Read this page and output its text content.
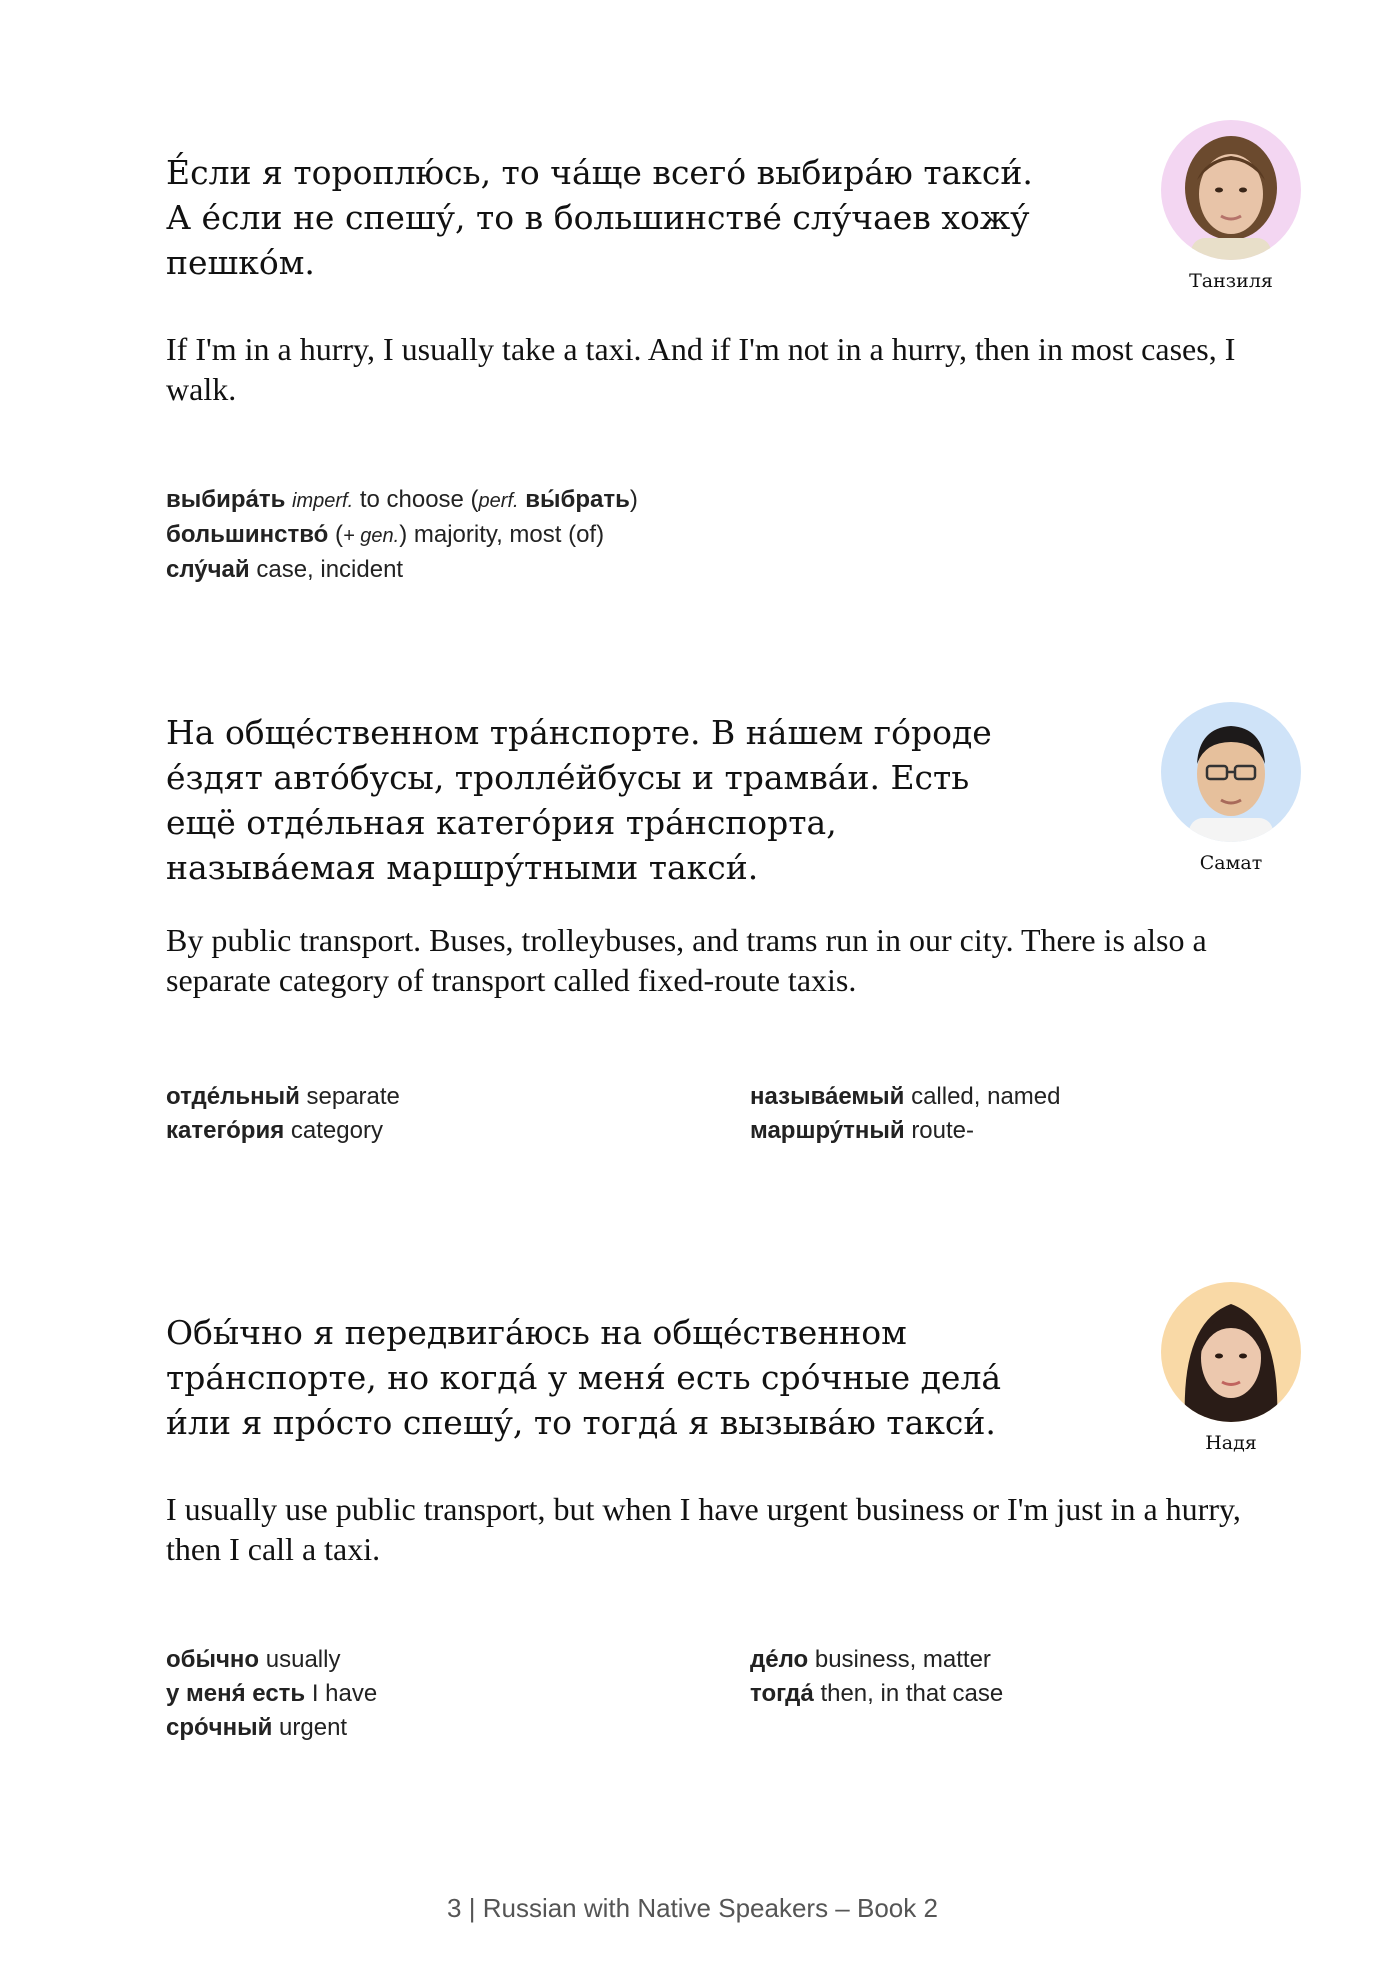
Е́сли я тороплю́сь, то ча́ще всего́ выбира́ю такси́. А е́сли не спешу́, то в большинстве́ слу́чаев хожу́ пешко́м.

If I'm in a hurry, I usually take a taxi. And if I'm not in a hurry, then in most cases, I walk.

выбира́ть imperf. to choose (perf. вы́брать)
большинство́ (+ gen.) majority, most (of)
слу́чай case, incident
Танзиля

На обще́ственном тра́нспорте. В на́шем го́роде е́здят авто́бусы, тролле́йбусы и трамва́и. Есть ещё отде́льная катего́рия тра́нспорта, называ́емая маршру́тными такси́.

By public transport. Buses, trolleybuses, and trams run in our city. There is also a separate category of transport called fixed-route taxis.

отде́льный separate
катего́рия category
называ́емый called, named
маршру́тный route-
Самат

Обы́чно я передвига́юсь на обще́ственном тра́нспорте, но когда́ у меня́ есть сро́чные дела́ и́ли я про́сто спешу́, то тогда́ я вызыва́ю такси́.

I usually use public transport, but when I have urgent business or I'm just in a hurry, then I call a taxi.

обы́чно usually
у меня́ есть I have
сро́чный urgent
де́ло business, matter
тогда́ then, in that case
Надя
3 | Russian with Native Speakers – Book 2
